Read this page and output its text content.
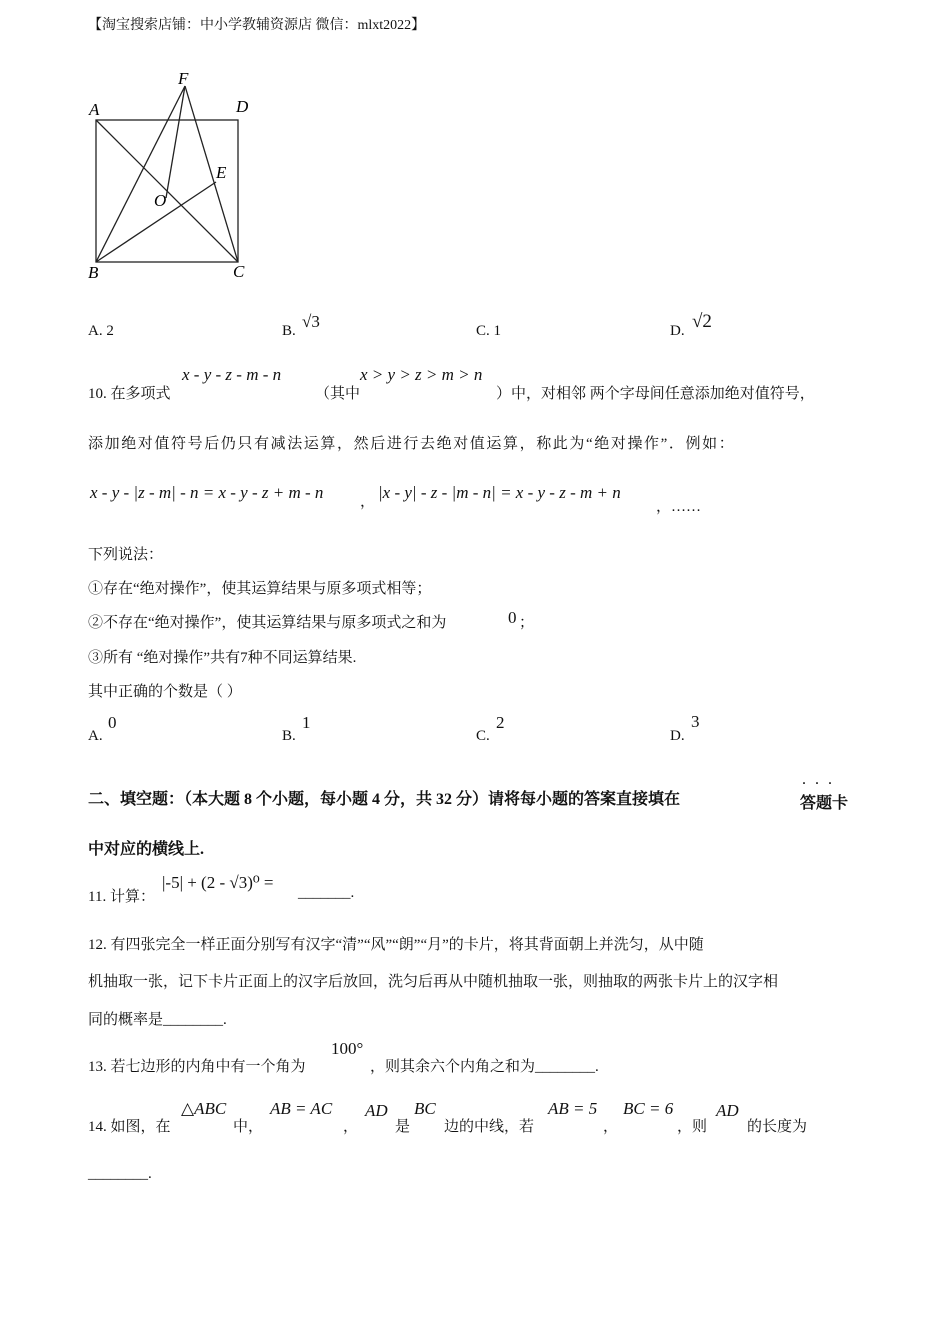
【淘宝搜索店铺：中小学教辅资源店 微信：mlxt2022】
F
A	D
E
O
B	C
A. 2	B. √3	C. 1	D. √2
10. 在多项式
x - y - z - m - n
（其中
x > y > z > m > n
）中，对相邻 两个字母间任意添加绝对值符号，
添加绝对值符号后仍只有减法运算，然后进行去绝对值运算，称此为“绝对操作”．例如：
x - y - |z - m| - n = x - y - z + m - n ， |x - y| - z - |m - n| = x - y - z - m + n
，……
下列说法：
①存在“绝对操作”，使其运算结果与原多项式相等；
②不存在“绝对操作”，使其运算结果与原多项式之和为	0 ；
③所有 “绝对操作”共有7种不同运算结果.
其中正确的个数是（ ）
A.
0
B.
1
C.
2
D.
3
二、填空题：（本大题 8 个小题，每小题 4 分，共 32 分）请将每小题的答案直接填在
· · ·	答题卡
中对应的横线上.
11. 计算：
|-5| + (2 - √3)⁰ =
_______.
12. 有四张完全一样正面分别写有汉字“清”“风”“朗”“月”的卡片，将其背面朝上并洗匀，从中随
机抽取一张，记下卡片正面上的汉字后放回，洗匀后再从中随机抽取一张，则抽取的两张卡片上的汉字相
同的概率是________.
13. 若七边形的内角中有一个角为
100°
，则其余六个内角之和为________.
14. 如图，在
△ABC
中，
AB = AC
，
AD
是
BC
边的中线，若
AB = 5
，
BC = 6
，则
AD
的长度为
________.
